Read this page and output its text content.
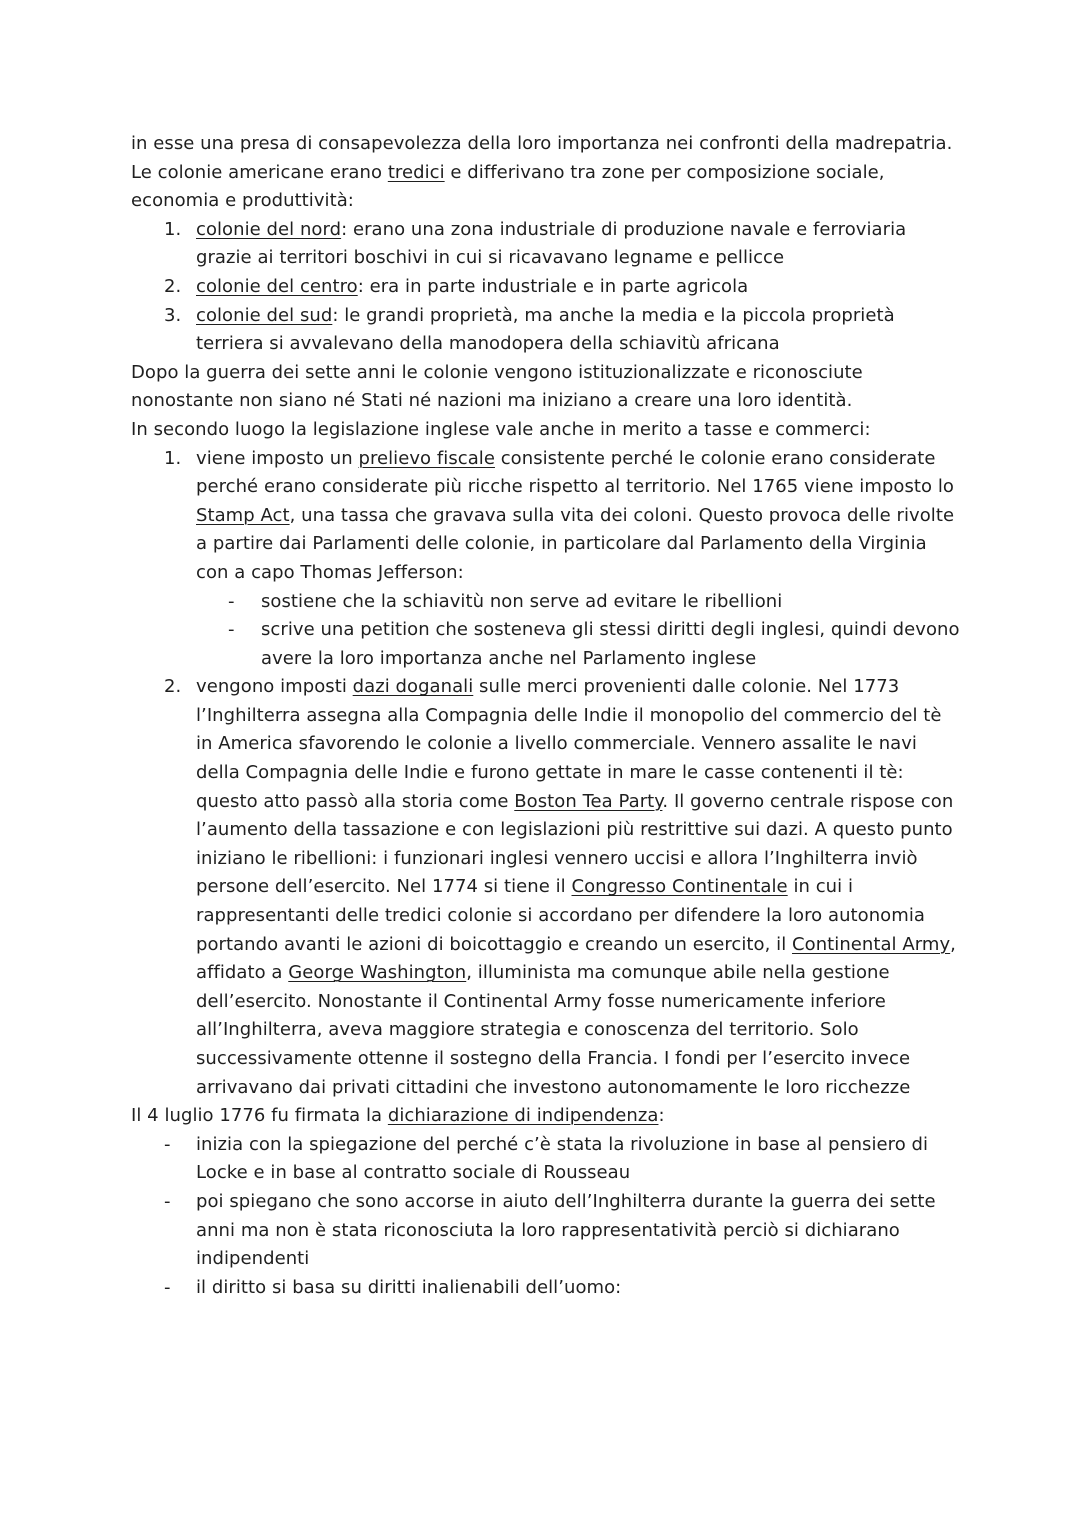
in esse una presa di consapevolezza della loro importanza nei confronti della madrepatria.

Le colonie americane erano tredici e differivano tra zone per composizione sociale, economia e produttività:

1. colonie del nord: erano una zona industriale di produzione navale e ferroviaria grazie ai territori boschivi in cui si ricavavano legname e pellicce
2. colonie del centro: era in parte industriale e in parte agricola
3. colonie del sud: le grandi proprietà, ma anche la media e la piccola proprietà terriera si avvalevano della manodopera della schiavitù africana

Dopo la guerra dei sette anni le colonie vengono istituzionalizzate e riconosciute nonostante non siano né Stati né nazioni ma iniziano a creare una loro identità.

In secondo luogo la legislazione inglese vale anche in merito a tasse e commerci:

1. viene imposto un prelievo fiscale consistente perché le colonie erano considerate perché erano considerate più ricche rispetto al territorio. Nel 1765 viene imposto lo Stamp Act, una tassa che gravava sulla vita dei coloni. Questo provoca delle rivolte a partire dai Parlamenti delle colonie, in particolare dal Parlamento della Virginia con a capo Thomas Jefferson:
- sostiene che la schiavitù non serve ad evitare le ribellioni
- scrive una petition che sosteneva gli stessi diritti degli inglesi, quindi devono avere la loro importanza anche nel Parlamento inglese
2. vengono imposti dazi doganali sulle merci provenienti dalle colonie. Nel 1773 l’Inghilterra assegna alla Compagnia delle Indie il monopolio del commercio del tè in America sfavorendo le colonie a livello commerciale. Vennero assalite le navi della Compagnia delle Indie e furono gettate in mare le casse contenenti il tè: questo atto passò alla storia come Boston Tea Party. Il governo centrale rispose con l’aumento della tassazione e con legislazioni più restrittive sui dazi. A questo punto iniziano le ribellioni: i funzionari inglesi vennero uccisi e allora l’Inghilterra inviò persone dell’esercito. Nel 1774 si tiene il Congresso Continentale in cui i rappresentanti delle tredici colonie si accordano per difendere la loro autonomia portando avanti le azioni di boicottaggio e creando un esercito, il Continental Army, affidato a George Washington, illuminista ma comunque abile nella gestione dell’esercito. Nonostante il Continental Army fosse numericamente inferiore all’Inghilterra, aveva maggiore strategia e conoscenza del territorio. Solo successivamente ottenne il sostegno della Francia. I fondi per l’esercito invece arrivavano dai privati cittadini che investono autonomamente le loro ricchezze

Il 4 luglio 1776 fu firmata la dichiarazione di indipendenza:

- inizia con la spiegazione del perché c’è stata la rivoluzione in base al pensiero di Locke e in base al contratto sociale di Rousseau
- poi spiegano che sono accorse in aiuto dell’Inghilterra durante la guerra dei sette anni ma non è stata riconosciuta la loro rappresentatività perciò si dichiarano indipendenti
- il diritto si basa su diritti inalienabili dell’uomo:
